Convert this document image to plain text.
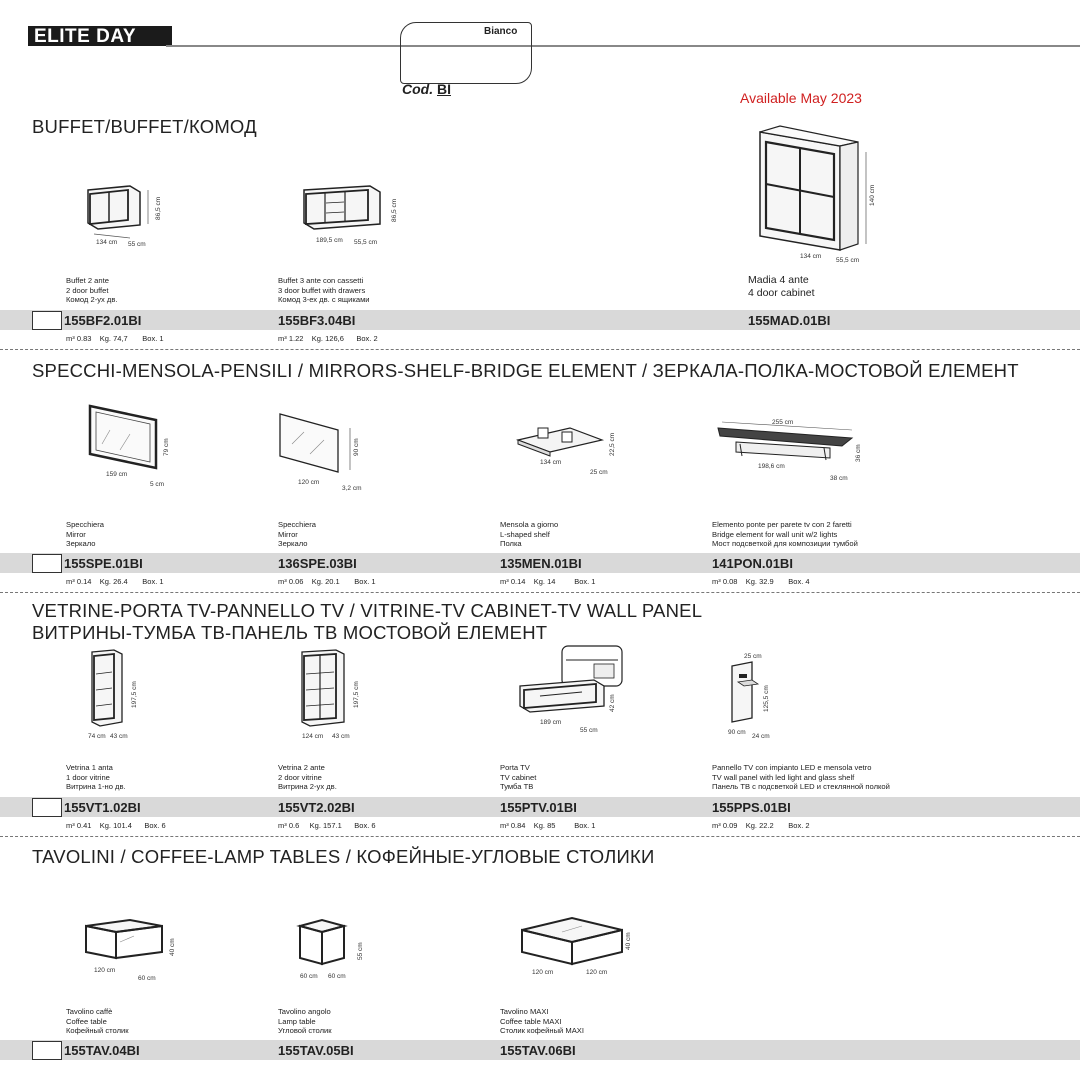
ELITE DAY	Bianco
Cod. BI
Available May 2023
BUFFET/BUFFET/КОМОД
134 cm 55 cm
86,5 cm
189,5 cm 55,5 cm
86,5 cm
134 cm
55,5 cm
140 cm
Buffet 2 ante
2 door buffet
Комод 2-ух дв.
Buffet 3 ante con cassetti
3 door buffet with drawers
Комод 3-ех дв. с ящиками
Madia 4 ante
4 door cabinet
155BF2.01BI	155BF3.04BI	155MAD.01BI
m³ 0.83    Kg. 74,7       Box. 1	m³ 1.22    Kg. 126,6      Box. 2
SPECCHI-MENSOLA-PENSILI / MIRRORS-SHELF-BRIDGE ELEMENT / ЗЕРКАЛА-ПОЛКА-МОСТОВОЙ ЕЛЕМЕНТ
159 cm
5 cm
79 cm
120 cm
3,2 cm
90 cm
134 cm
25 cm
22,5 cm
255 cm
198,6 cm
38 cm
36 cm
Specchiera
Mirror
Зеркало
Specchiera
Mirror
Зеркало
Mensola a giorno
L-shaped shelf
Полка
Elemento ponte per parete tv con 2 faretti
Bridge element for wall unit w/2 lights
Мост подсветкой для композиции тумбой
155SPE.01BI	136SPE.03BI	135MEN.01BI	141PON.01BI
m³ 0.14    Kg. 26.4       Box. 1	m³ 0.06    Kg. 20.1       Box. 1	m³ 0.14    Kg. 14         Box. 1	m³ 0.08    Kg. 32.9       Box. 4
VETRINE-PORTA TV-PANNELLO TV / VITRINE-TV CABINET-TV WALL PANEL
ВИТРИНЫ-ТУМБА ТВ-ПАНЕЛЬ ТВ МОСТОВОЙ ЕЛЕМЕНТ
74 cm 43 cm
197,5 cm
124 cm 43 cm
197,5 cm
189 cm
55 cm
42 cm
25 cm
90 cm
24 cm
125,5 cm
Vetrina 1 anta
1 door vitrine
Витрина 1-но дв.
Vetrina 2 ante
2 door vitrine
Витрина 2-ух дв.
Porta TV
TV cabinet
Тумба ТВ
Pannello TV con impianto LED e mensola vetro
TV wall panel with led light and glass shelf
Панель ТВ с подсветкой LED и стеклянной полкой
155VT1.02BI	155VT2.02BI	155PTV.01BI	155PPS.01BI
m³ 0.41    Kg. 101.4      Box. 6	m³ 0.6     Kg. 157.1      Box. 6	m³ 0.84    Kg. 85         Box. 1	m³ 0.09    Kg. 22.2       Box. 2
TAVOLINI / COFFEE-LAMP TABLES / КОФЕЙНЫЕ-УГЛОВЫЕ СТОЛИКИ
120 cm
60 cm
40 cm
60 cm 60 cm
55 cm
120 cm	120 cm
40 cm
Tavolino caffè
Coffee table
Кофейный столик
Tavolino angolo
Lamp table
Угловой столик
Tavolino MAXI
Coffee table MAXI
Столик кофейный MAXI
155TAV.04BI	155TAV.05BI	155TAV.06BI
